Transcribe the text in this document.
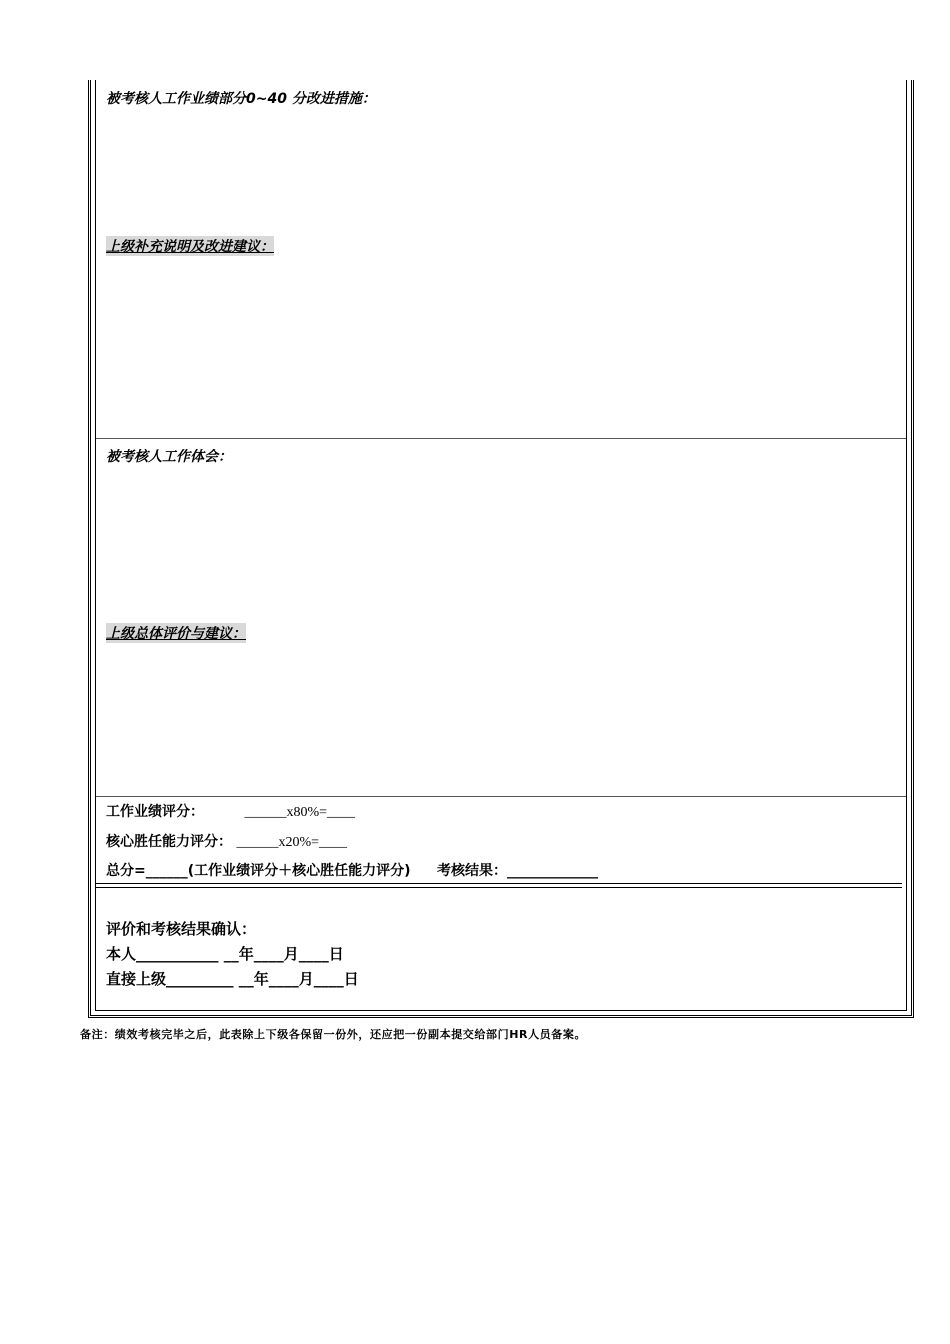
被考核人工作业绩部分0~40 分改进措施：
上级补充说明及改进建议：
被考核人工作体会：
上级总体评价与建议：
工作业绩评分：	______x80%=____
核心胜任能力评分： ______x20%=____
总分=______(工作业绩评分＋核心胜任能力评分) 考核结果：_____________
评价和考核结果确认：
本人___________ __年____月____日
直接上级_________ __年____月____日
备注：绩效考核完毕之后，此表除上下级各保留一份外，还应把一份副本提交给部门HR人员备案。
